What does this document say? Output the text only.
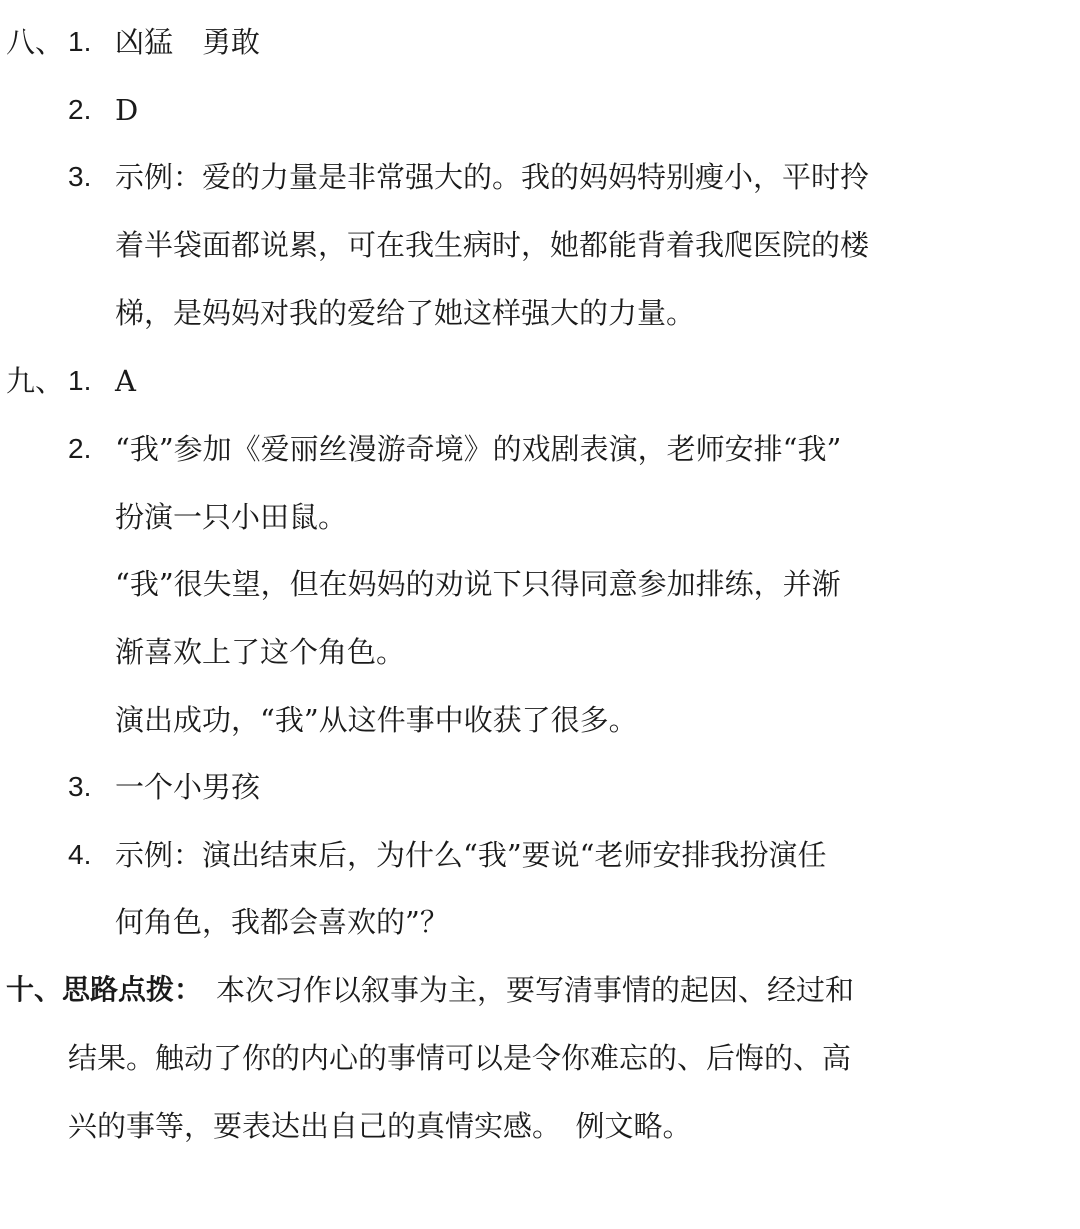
八、 1. 凶猛　勇敢
2. D
3. 示例：爱的力量是非常强大的。我的妈妈特别瘦小，平时拎
着半袋面都说累，可在我生病时，她都能背着我爬医院的楼
梯，是妈妈对我的爱给了她这样强大的力量。
九、 1. A
2. “我”参加《爱丽丝漫游奇境》的戏剧表演，老师安排“我”
扮演一只小田鼠。
“我”很失望，但在妈妈的劝说下只得同意参加排练，并渐
渐喜欢上了这个角色。
演出成功，“我”从这件事中收获了很多。
3. 一个小男孩
4. 示例：演出结束后，为什么“我”要说“老师安排我扮演任
何角色，我都会喜欢的”？
十、思路点拨： 本次习作以叙事为主，要写清事情的起因、经过和
结果。触动了你的内心的事情可以是令你难忘的、后悔的、高
兴的事等，要表达出自己的真情实感。　例文略。
